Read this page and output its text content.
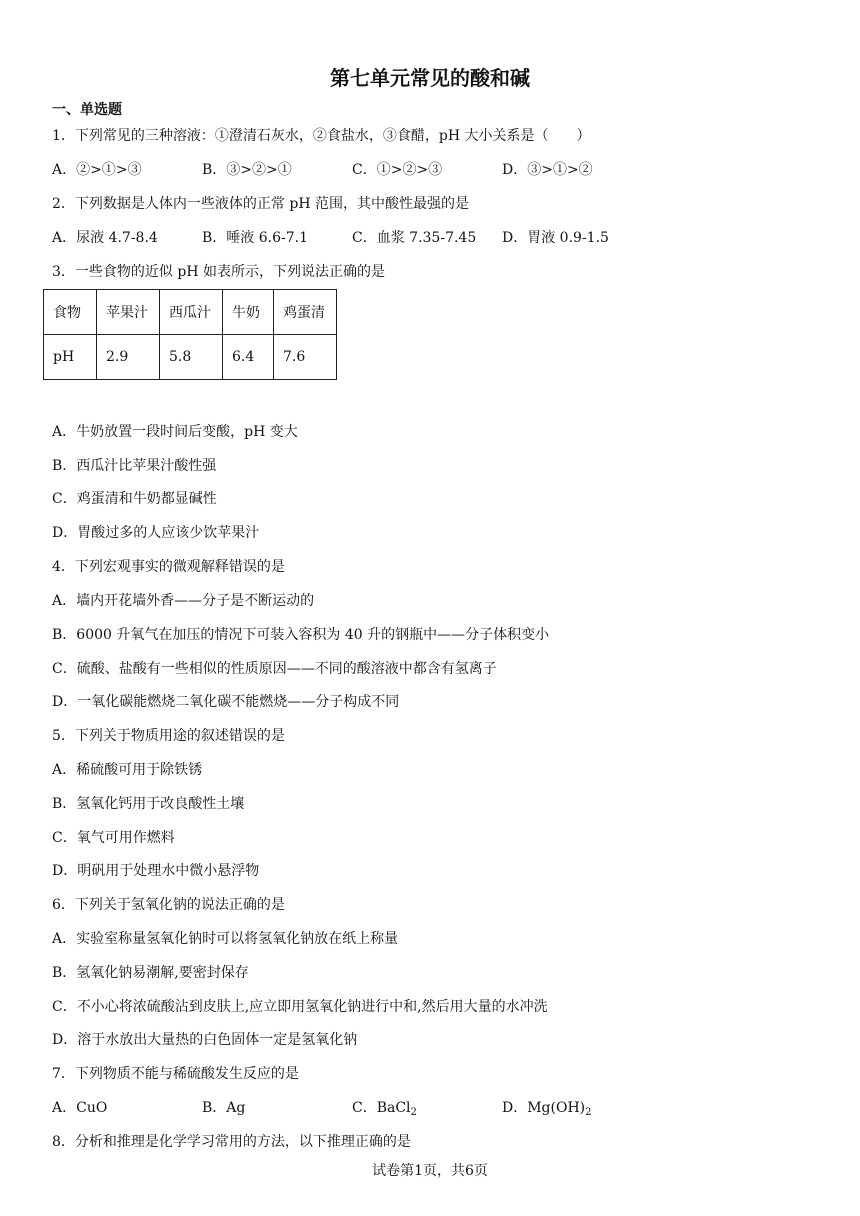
第七单元常见的酸和碱
一、单选题
1．下列常见的三种溶液：①澄清石灰水，②食盐水，③食醋，pH 大小关系是（　　）
A．②>①>③	B．③>②>①	C．①>②>③	D．③>①>②
2．下列数据是人体内一些液体的正常 pH 范围，其中酸性最强的是
A．尿液 4.7-8.4	B．唾液 6.6-7.1	C．血浆 7.35-7.45 D．胃液 0.9-1.5
3．一些食物的近似 pH 如表所示，下列说法正确的是
食物	苹果汁	西瓜汁	牛奶	鸡蛋清
pH	2.9	5.8	6.4	7.6
A．牛奶放置一段时间后变酸，pH 变大
B．西瓜汁比苹果汁酸性强
C．鸡蛋清和牛奶都显碱性
D．胃酸过多的人应该少饮苹果汁
4．下列宏观事实的微观解释错误的是
A．墙内开花墙外香——分子是不断运动的
B．6000 升氧气在加压的情况下可装入容积为 40 升的钢瓶中——分子体积变小
C．硫酸、盐酸有一些相似的性质原因——不同的酸溶液中都含有氢离子
D．一氧化碳能燃烧二氧化碳不能燃烧——分子构成不同
5．下列关于物质用途的叙述错误的是
A．稀硫酸可用于除铁锈
B．氢氧化钙用于改良酸性土壤
C．氧气可用作燃料
D．明矾用于处理水中微小悬浮物
6．下列关于氢氧化钠的说法正确的是
A．实验室称量氢氧化钠时可以将氢氧化钠放在纸上称量
B．氢氧化钠易潮解,要密封保存
C．不小心将浓硫酸沾到皮肤上,应立即用氢氧化钠进行中和,然后用大量的水冲洗
D．溶于水放出大量热的白色固体一定是氢氧化钠
7．下列物质不能与稀硫酸发生反应的是
A．CuO	B．Ag	C．BaCl$_2$	D．$Mg(OH)_2$
8．分析和推理是化学学习常用的方法，以下推理正确的是
试卷第1页，共6页
